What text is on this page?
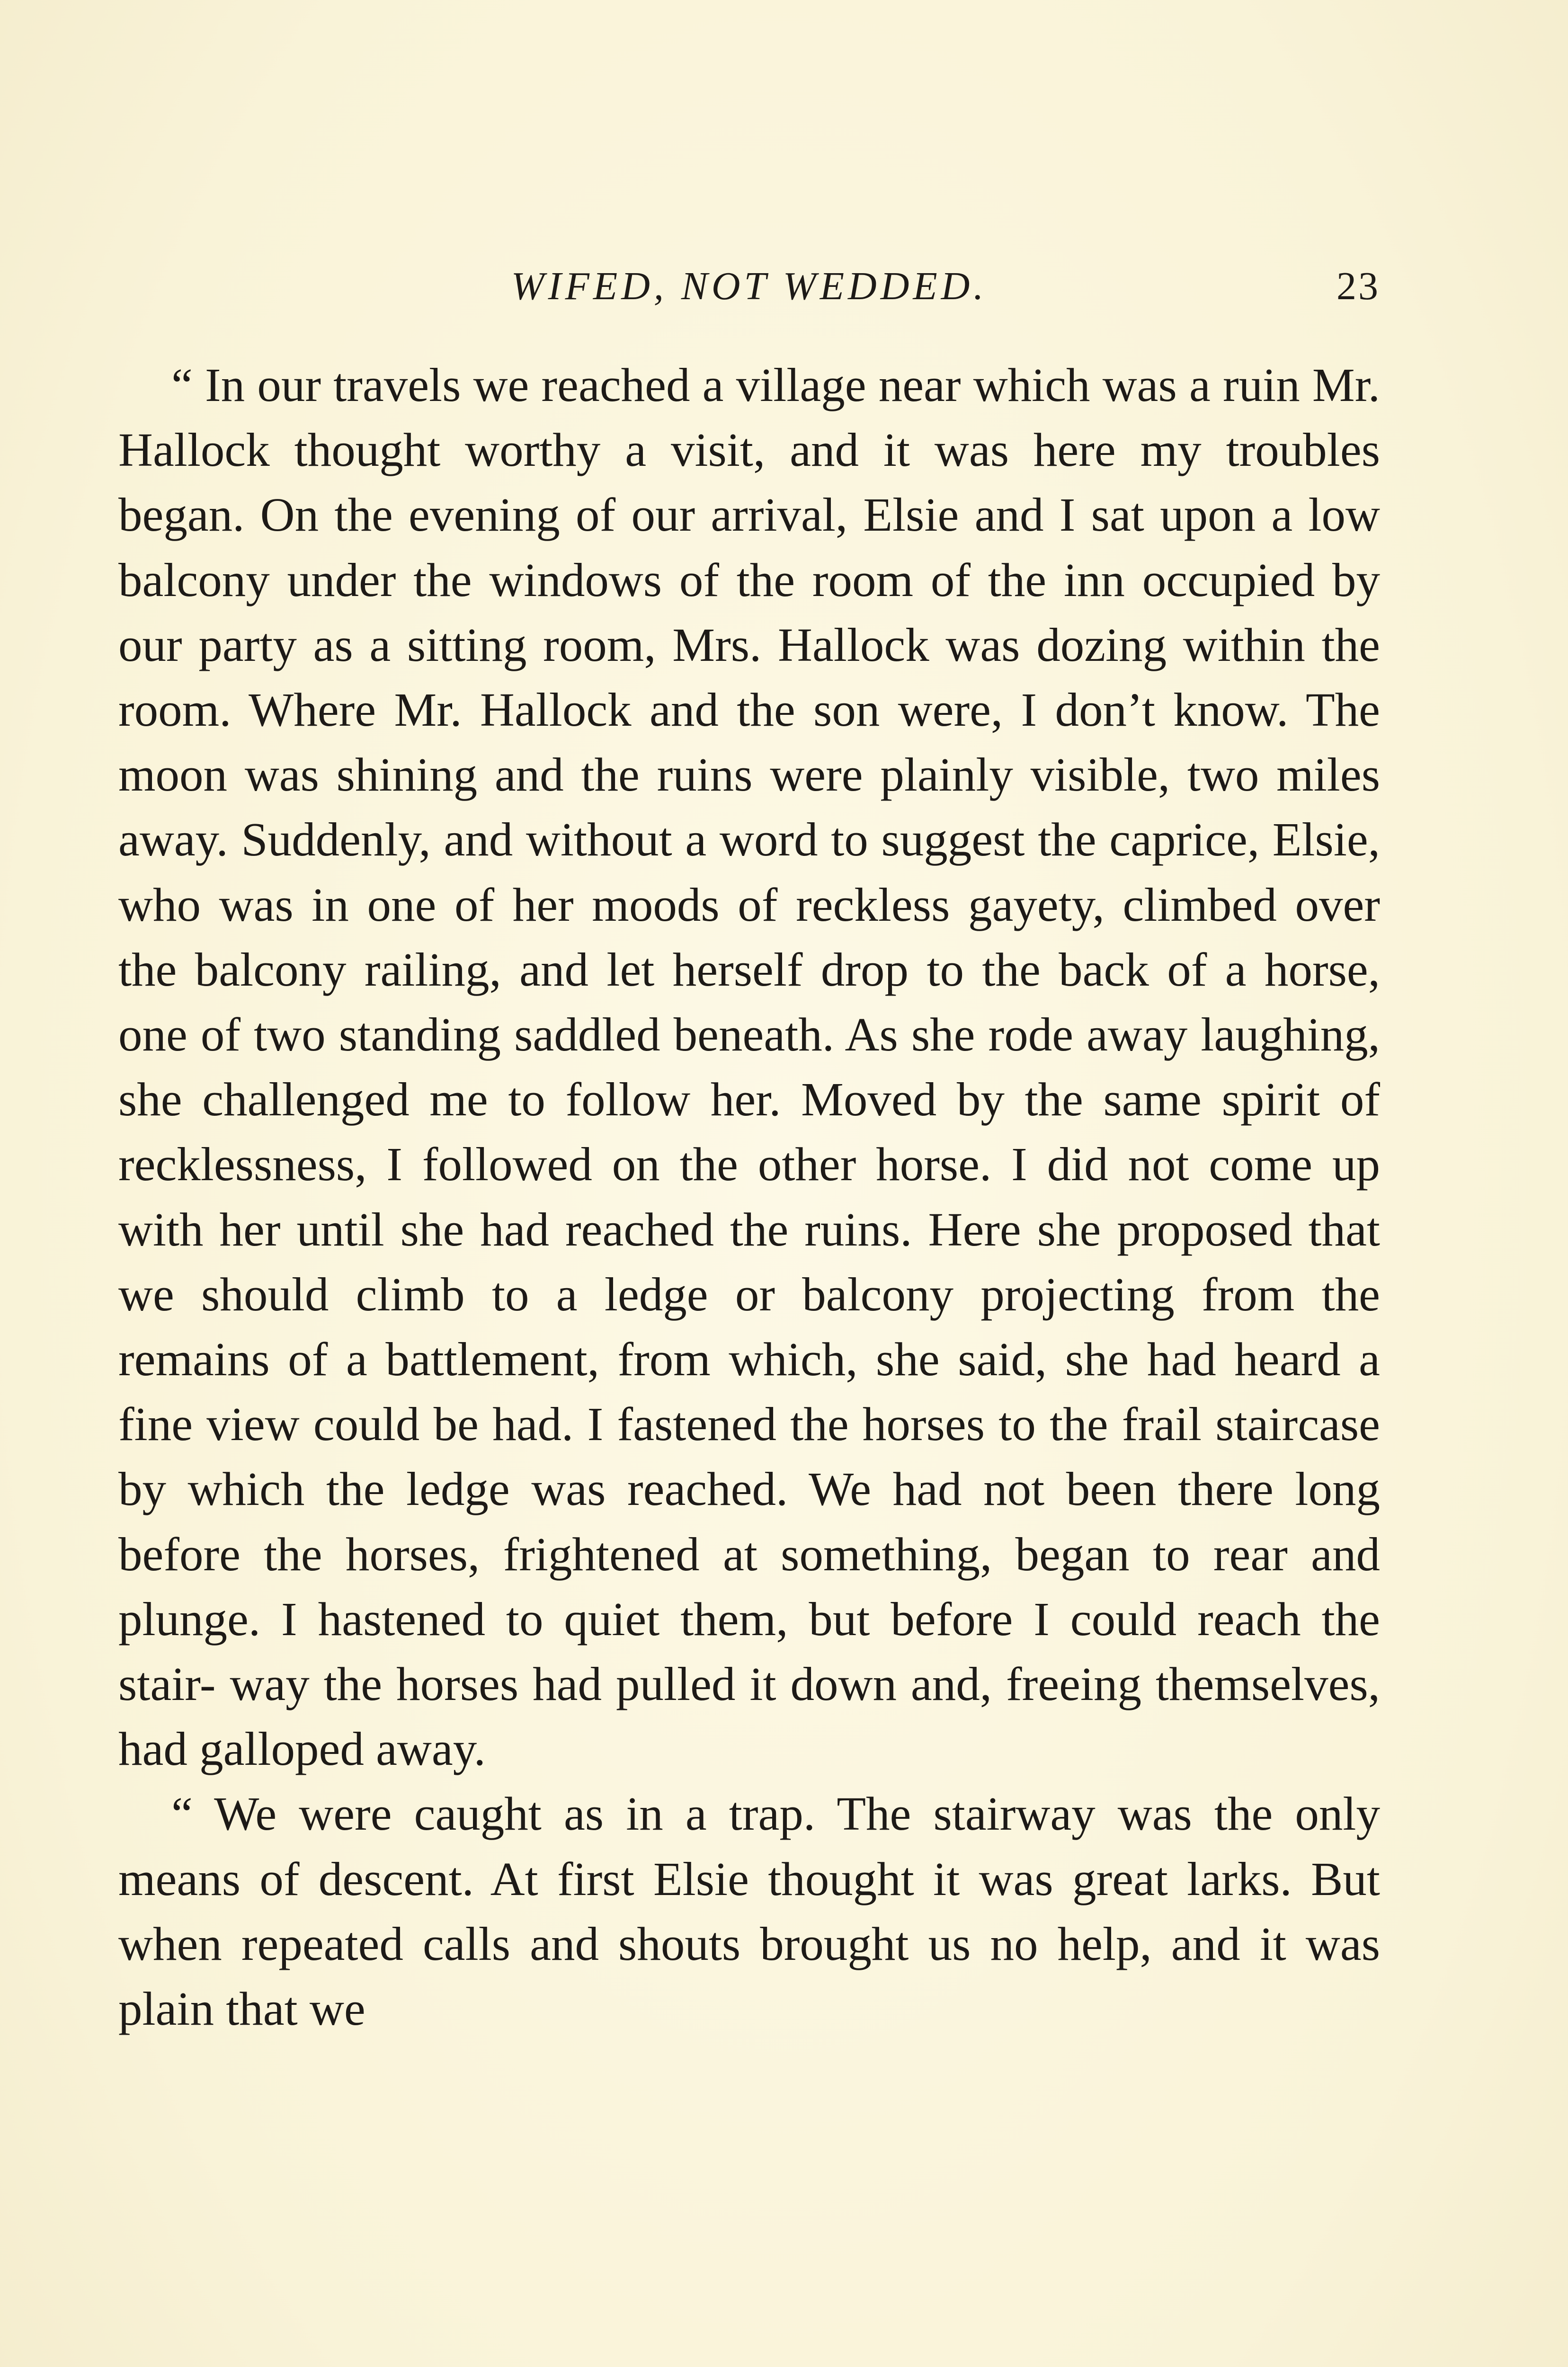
WIFED, NOT WEDDED.	23

“ In our travels we reached a village near which was a ruin Mr. Hallock thought worthy a visit, and it was here my troubles began. On the evening of our arrival, Elsie and I sat upon a low balcony under the windows of the room of the inn occupied by our party as a sitting room, Mrs. Hallock was dozing within the room. Where Mr. Hallock and the son were, I don’t know. The moon was shining and the ruins were plainly visible, two miles away. Suddenly, and without a word to suggest the caprice, Elsie, who was in one of her moods of reckless gayety, climbed over the balcony railing, and let herself drop to the back of a horse, one of two standing saddled beneath. As she rode away laughing, she challenged me to follow her. Moved by the same spirit of recklessness, I followed on the other horse. I did not come up with her until she had reached the ruins. Here she proposed that we should climb to a ledge or balcony projecting from the remains of a battlement, from which, she said, she had heard a fine view could be had. I fastened the horses to the frail staircase by which the ledge was reached. We had not been there long before the horses, frightened at something, began to rear and plunge. I hastened to quiet them, but before I could reach the stair- way the horses had pulled it down and, freeing themselves, had galloped away.

“ We were caught as in a trap. The stairway was the only means of descent. At first Elsie thought it was great larks. But when repeated calls and shouts brought us no help, and it was plain that we
